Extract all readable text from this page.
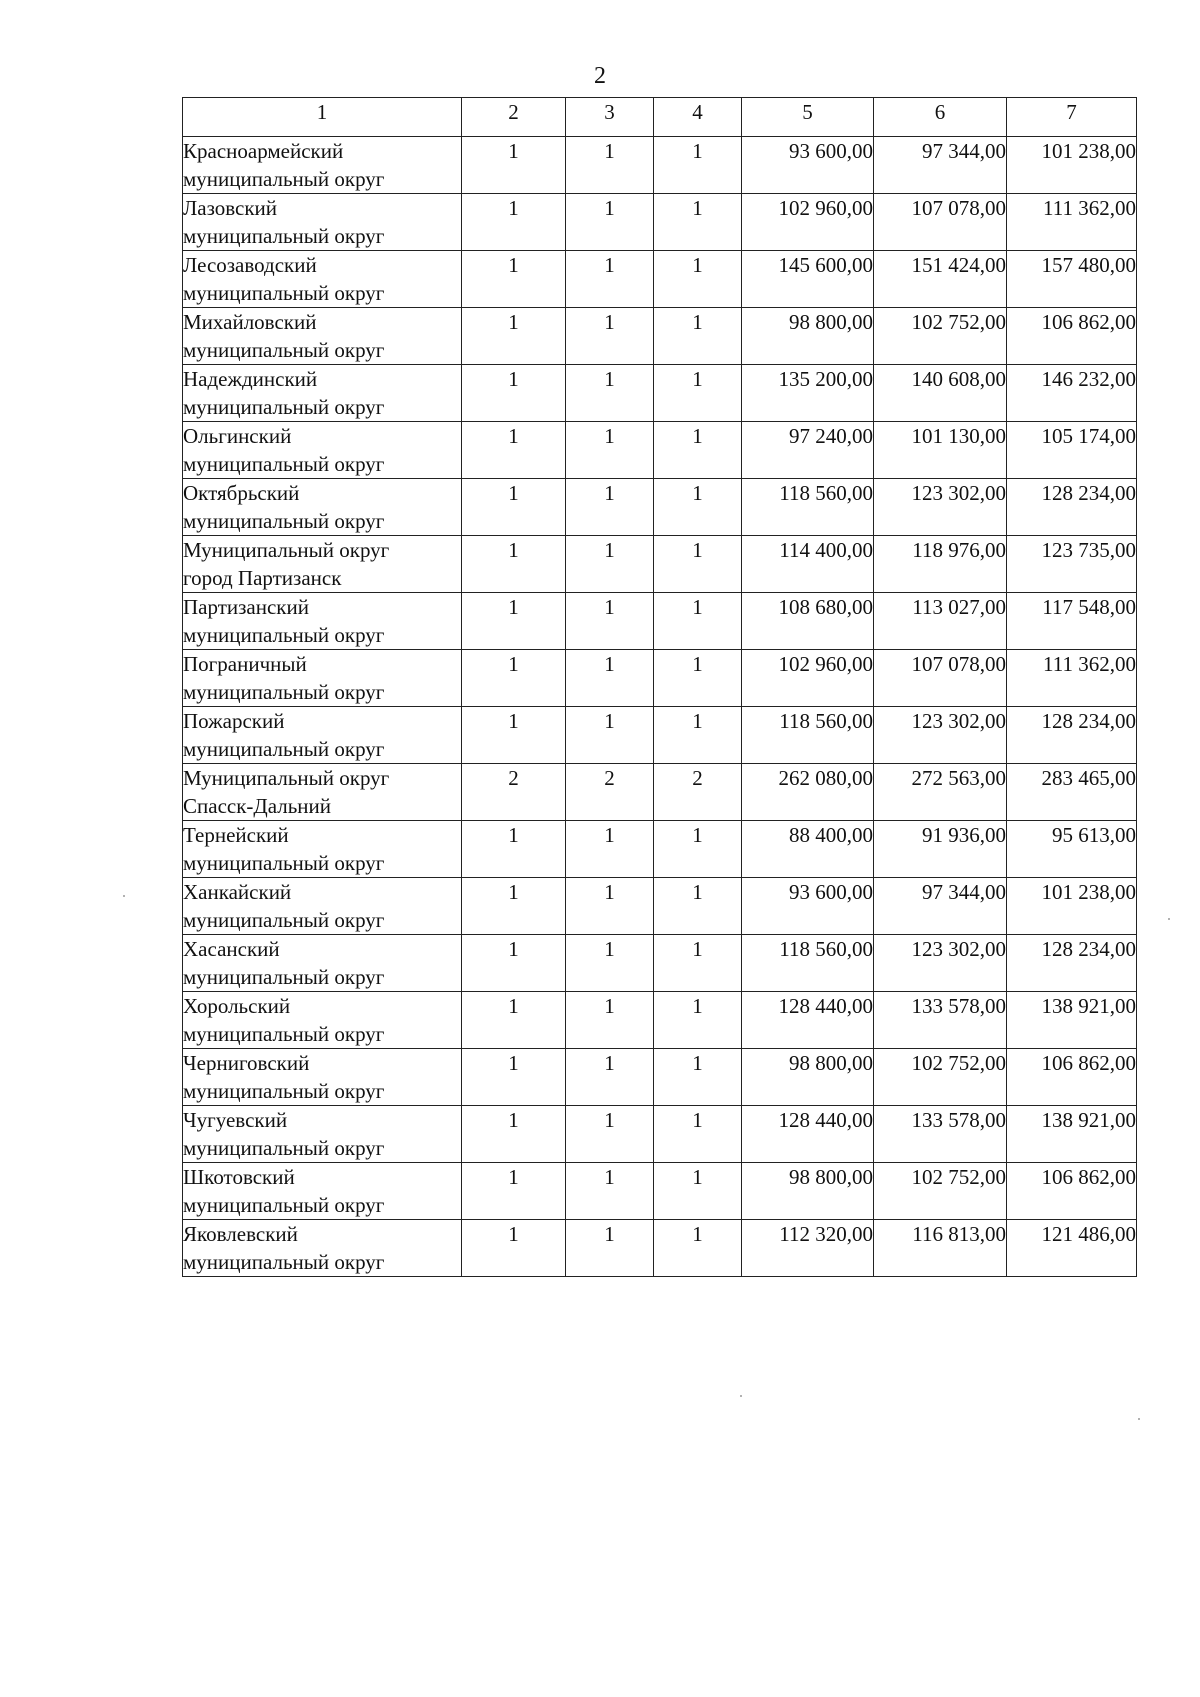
2
1	2	3	4	5	6	7

Красноармейский
муниципальный округ	1	1	1	93 600,00	97 344,00	101 238,00

Лазовский
муниципальный округ	1	1	1	102 960,00	107 078,00	111 362,00

Лесозаводский
муниципальный округ	1	1	1	145 600,00	151 424,00	157 480,00

Михайловский
муниципальный округ	1	1	1	98 800,00	102 752,00	106 862,00

Надеждинский
муниципальный округ	1	1	1	135 200,00	140 608,00	146 232,00

Ольгинский
муниципальный округ	1	1	1	97 240,00	101 130,00	105 174,00

Октябрьский
муниципальный округ	1	1	1	118 560,00	123 302,00	128 234,00

Муниципальный округ
город Партизанск	1	1	1	114 400,00	118 976,00	123 735,00

Партизанский
муниципальный округ	1	1	1	108 680,00	113 027,00	117 548,00

Пограничный
муниципальный округ	1	1	1	102 960,00	107 078,00	111 362,00

Пожарский
муниципальный округ	1	1	1	118 560,00	123 302,00	128 234,00

Муниципальный округ
Спасск-Дальний	2	2	2	262 080,00	272 563,00	283 465,00

Тернейский
муниципальный округ	1	1	1	88 400,00	91 936,00	95 613,00

Ханкайский
муниципальный округ	1	1	1	93 600,00	97 344,00	101 238,00

Хасанский
муниципальный округ	1	1	1	118 560,00	123 302,00	128 234,00

Хорольский
муниципальный округ	1	1	1	128 440,00	133 578,00	138 921,00

Черниговский
муниципальный округ	1	1	1	98 800,00	102 752,00	106 862,00

Чугуевский
муниципальный округ	1	1	1	128 440,00	133 578,00	138 921,00

Шкотовский
муниципальный округ	1	1	1	98 800,00	102 752,00	106 862,00

Яковлевский
муниципальный округ	1	1	1	112 320,00	116 813,00	121 486,00
